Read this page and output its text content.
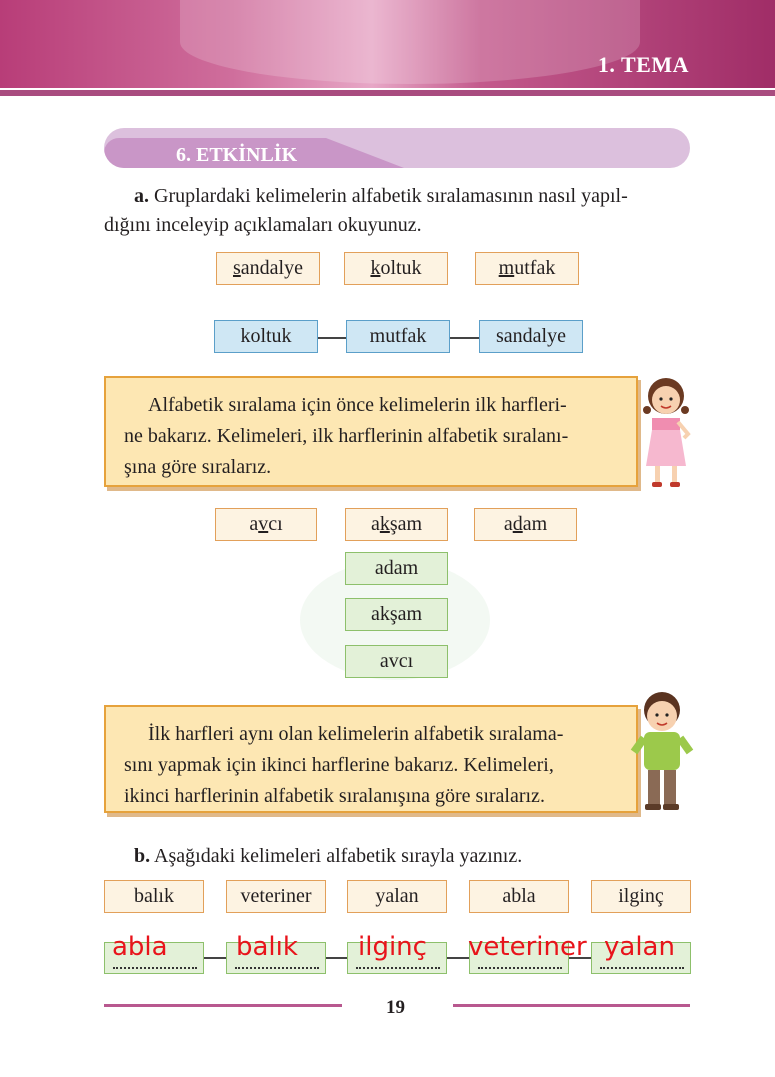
1. TEMA
6. ETKİNLİK
a. Gruplardaki kelimelerin alfabetik sıralamasının nasıl yapıl-
dığını inceleyip açıklamaları okuyunuz.
s andalye	k oltuk	m utfak
koltuk	mutfak	sandalye
Alfabetik sıralama için önce kelimelerin ilk harfleri-
ne bakarız. Kelimeleri, ilk harflerinin alfabetik sıralanı-
şına göre sıralarız.
a v cı	a k şam	a d am
adam
akşam
avcı
İlk harfleri aynı olan kelimelerin alfabetik sıralama-
sını yapmak için ikinci harflerine bakarız. Kelimeleri,
ikinci harflerinin alfabetik sıralanışına göre sıralarız.
b. Aşağıdaki kelimeleri alfabetik sırayla yazınız.
balık	veteriner	yalan	abla	ilginç
abla	balık ilginç veteriner yalan
19
